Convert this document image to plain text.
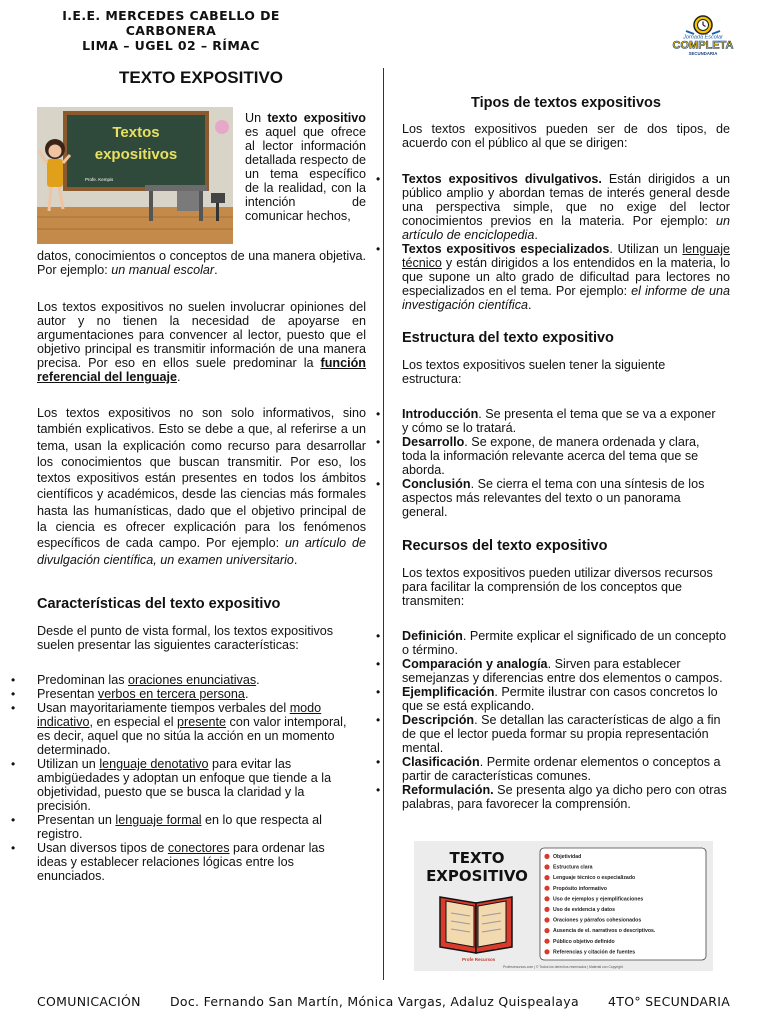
I.E.E. MERCEDES CABELLO DE
CARBONERA
LIMA – UGEL 02 – RÍMAC
Jornada Escolar
COMPLETA
SECUNDARIA
TEXTO EXPOSITIVO
Textos
expositivos
Profe. Kempis

Un texto expositivo es aquel que ofrece al lector información detallada respecto de un tema específico de la realidad, con la intención de comunicar hechos,

datos, conocimientos o conceptos de una manera objetiva. Por ejemplo: un manual escolar.

Los textos expositivos no suelen involucrar opiniones del autor y no tienen la necesidad de apoyarse en argumentaciones para convencer al lector, puesto que el objetivo principal es transmitir información de una manera precisa. Por eso en ellos suele predominar la función referencial del lenguaje.

Los textos expositivos no son solo informativos, sino también explicativos. Esto se debe a que, al referirse a un tema, usan la explicación como recurso para desarrollar los conocimientos que buscan transmitir. Por eso, los textos expositivos están presentes en todos los ámbitos científicos y académicos, desde las ciencias más formales hasta las humanísticas, dado que el objetivo principal de la ciencia es ofrecer explicación para los fenómenos específicos de cada campo. Por ejemplo: un artículo de divulgación científica, un examen universitario.

Características del texto expositivo

Desde el punto de vista formal, los textos expositivos suelen presentar las siguientes características:

• Predominan las oraciones enunciativas.
• Presentan verbos en tercera persona.
• Usan mayoritariamente tiempos verbales del modo indicativo, en especial el presente con valor intemporal, es decir, aquel que no sitúa la acción en un momento determinado.
• Utilizan un lenguaje denotativo para evitar las ambigüedades y adoptan un enfoque que tiende a la objetividad, puesto que se busca la claridad y la precisión.
• Presentan un lenguaje formal en lo que respecta al registro.
• Usan diversos tipos de conectores para ordenar las ideas y establecer relaciones lógicas entre los enunciados.
Tipos de textos expositivos

Los textos expositivos pueden ser de dos tipos, de acuerdo con el público al que se dirigen:

• Textos expositivos divulgativos. Están dirigidos a un público amplio y abordan temas de interés general desde una perspectiva simple, que no exige del lector conocimientos previos en la materia. Por ejemplo: un artículo de enciclopedia.
• Textos expositivos especializados. Utilizan un lenguaje técnico y están dirigidos a los entendidos en la materia, lo que supone un alto grado de dificultad para lectores no especializados en el tema. Por ejemplo: el informe de una investigación científica.
Estructura del texto expositivo

Los textos expositivos suelen tener la siguiente estructura:

• Introducción. Se presenta el tema que se va a exponer y cómo se lo tratará.
• Desarrollo. Se expone, de manera ordenada y clara, toda la información relevante acerca del tema que se aborda.
• Conclusión. Se cierra el tema con una síntesis de los aspectos más relevantes del texto o un panorama general.
Recursos del texto expositivo

Los textos expositivos pueden utilizar diversos recursos para facilitar la comprensión de los conceptos que transmiten:

• Definición. Permite explicar el significado de un concepto o término.
• Comparación y analogía. Sirven para establecer semejanzas y diferencias entre dos elementos o campos.
• Ejemplificación. Permite ilustrar con casos concretos lo que se está explicando.
• Descripción. Se detallan las características de algo a fin de que el lector pueda formar su propia representación mental.
• Clasificación. Permite ordenar elementos o conceptos a partir de características comunes.
• Reformulación. Se presenta algo ya dicho pero con otras palabras, para favorecer la comprensión.
TEXTO
EXPOSITIVO
Profe Recursos
Objetividad
Estructura clara
Lenguaje técnico o especializado
Propósito informativo
Uso de ejemplos y ejemplificaciones
Uso de evidencia y datos
Oraciones y párrafos cohesionados
Ausencia de el. narrativos o descriptivos.
Público objetivo definido
Referencias y citación de fuentes
Profesrecursos.com | © Todos los derechos reservados | Material con Copyright
COMUNICACIÓN Doc. Fernando San Martín, Mónica Vargas, Adaluz Quispealaya 4TO° SECUNDARIA
